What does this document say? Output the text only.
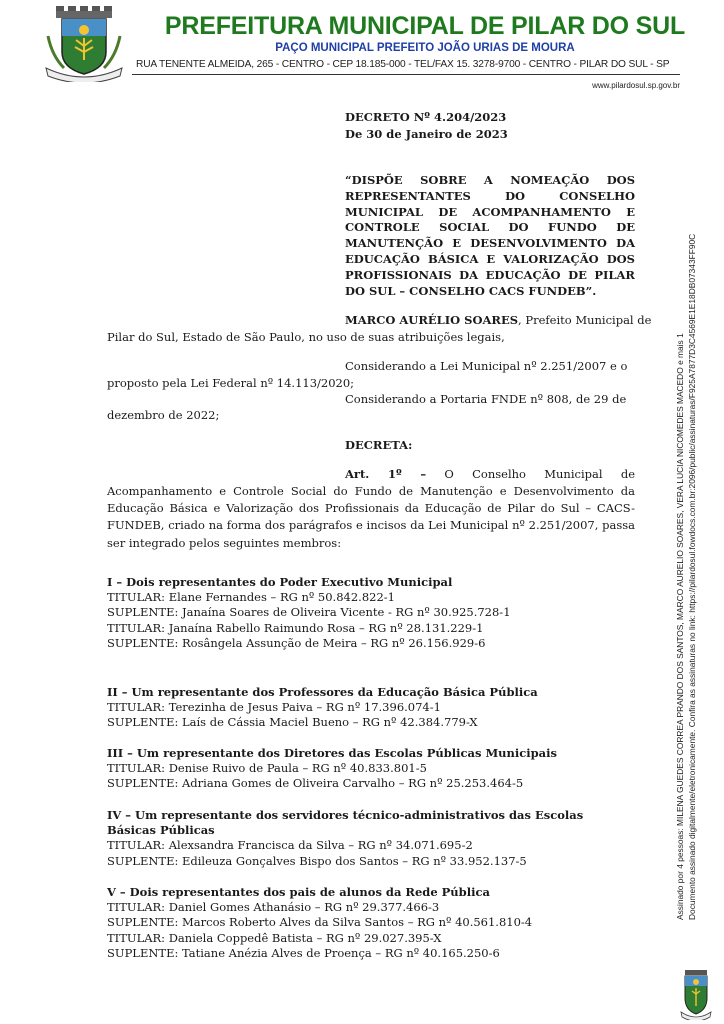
PREFEITURA MUNICIPAL DE PILAR DO SUL
PAÇO MUNICIPAL PREFEITO JOÃO URIAS DE MOURA
RUA TENENTE ALMEIDA, 265 - CENTRO - CEP 18.185-000 - TEL/FAX 15. 3278-9700 - CENTRO - PILAR DO SUL - SP
www.pilardosul.sp.gov.br
DECRETO Nº 4.204/2023
De 30 de Janeiro de 2023
“DISPÕE SOBRE A NOMEAÇÃO DOS REPRESENTANTES DO CONSELHO MUNICIPAL DE ACOMPANHAMENTO E CONTROLE SOCIAL DO FUNDO DE MANUTENÇÃO E DESENVOLVIMENTO DA EDUCAÇÃO BÁSICA E VALORIZAÇÃO DOS PROFISSIONAIS DA EDUCAÇÃO DE PILAR DO SUL – CONSELHO CACS FUNDEB”.
MARCO AURÉLIO SOARES, Prefeito Municipal de
Pilar do Sul, Estado de São Paulo, no uso de suas atribuições legais,
Considerando a Lei Municipal nº 2.251/2007 e o
proposto pela Lei Federal nº 14.113/2020;
Considerando a Portaria FNDE nº 808, de 29 de
dezembro de 2022;
DECRETA:
Art. 1º – O Conselho Municipal de
Acompanhamento e Controle Social do Fundo de Manutenção e Desenvolvimento da Educação Básica e Valorização dos Profissionais da Educação de Pilar do Sul – CACS-FUNDEB, criado na forma dos parágrafos e incisos da Lei Municipal nº 2.251/2007, passa ser integrado pelos seguintes membros:
I – Dois representantes do Poder Executivo Municipal
TITULAR: Elane Fernandes – RG nº 50.842.822-1
SUPLENTE: Janaína Soares de Oliveira Vicente - RG nº 30.925.728-1
TITULAR: Janaína Rabello Raimundo Rosa – RG nº 28.131.229-1
SUPLENTE: Rosângela Assunção de Meira – RG nº 26.156.929-6
II – Um representante dos Professores da Educação Básica Pública
TITULAR: Terezinha de Jesus Paiva – RG nº 17.396.074-1
SUPLENTE: Laís de Cássia Maciel Bueno – RG nº 42.384.779-X
III – Um representante dos Diretores das Escolas Públicas Municipais
TITULAR: Denise Ruivo de Paula – RG nº 40.833.801-5
SUPLENTE: Adriana Gomes de Oliveira Carvalho – RG nº 25.253.464-5
IV – Um representante dos servidores técnico-administrativos das Escolas Básicas Públicas
TITULAR: Alexsandra Francisca da Silva – RG nº 34.071.695-2
SUPLENTE: Edileuza Gonçalves Bispo dos Santos – RG nº 33.952.137-5
V – Dois representantes dos pais de alunos da Rede Pública
TITULAR: Daniel Gomes Athanásio – RG nº 29.377.466-3
SUPLENTE: Marcos Roberto Alves da Silva Santos – RG nº 40.561.810-4
TITULAR: Daniela Coppedê Batista – RG nº 29.027.395-X
SUPLENTE: Tatiane Anézia Alves de Proença – RG nº 40.165.250-6
Assinado por 4 pessoas: MILENA GUEDES CORREA PRANDO DOS SANTOS, MARCO AURELIO SOARES, VERA LUCIA NICOMEDES MACEDO e mais 1 Documento assinado digitalmente/eletronicamente. Confira as assinaturas no link: https://pilardosul.fowdocs.com.br:2096/public/assinaturas/F925A7877D3C4569E1E18DB07343FF90C
